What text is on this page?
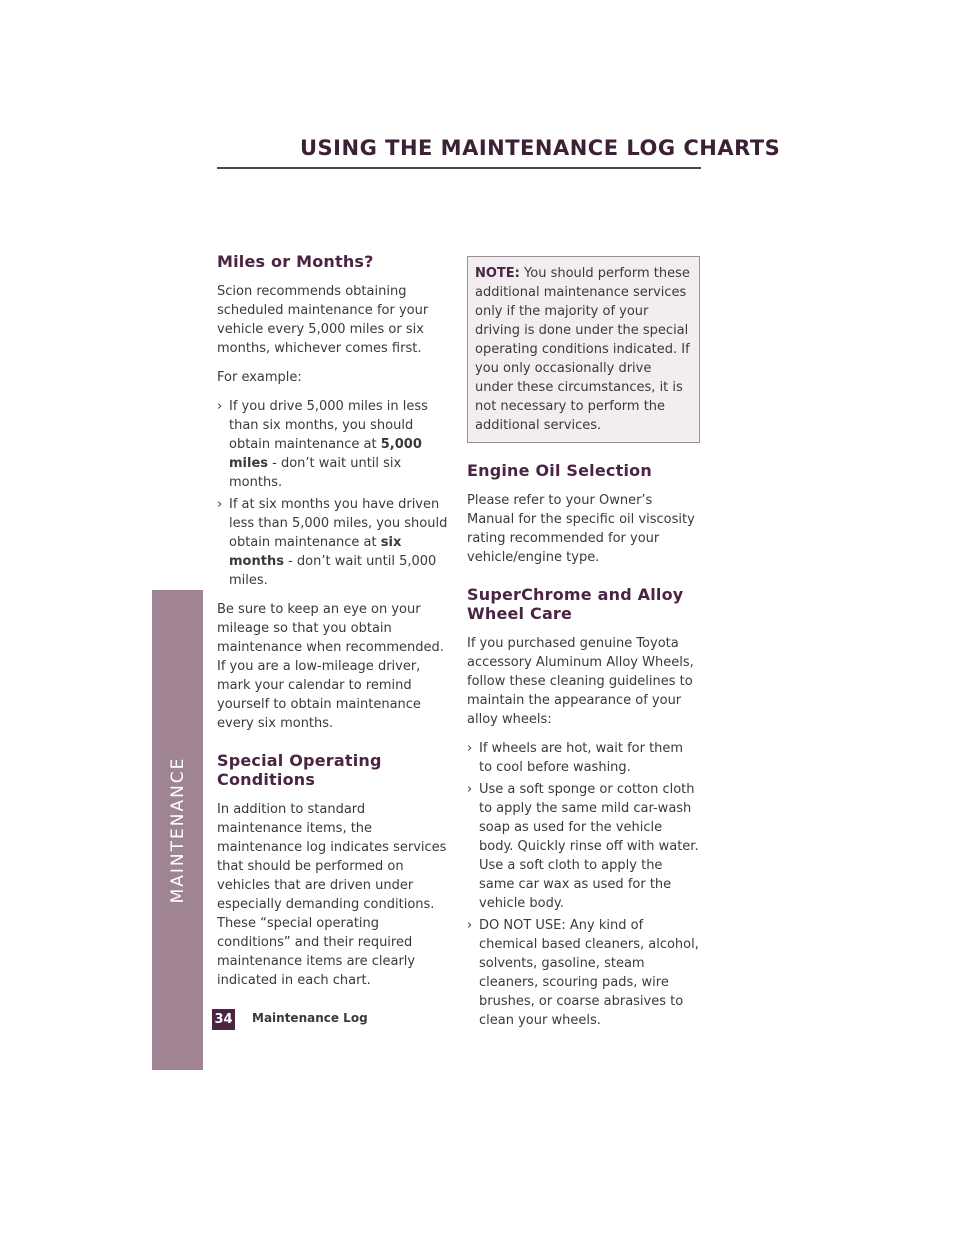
MAINTENANCE
USING THE MAINTENANCE LOG CHARTS
Miles or Months?

Scion recommends obtaining scheduled maintenance for your vehicle every 5,000 miles or six months, whichever comes first.

For example:

› If you drive 5,000 miles in less than six months, you should obtain maintenance at 5,000 miles - don’t wait until six months.
› If at six months you have driven less than 5,000 miles, you should obtain maintenance at six months - don’t wait until 5,000 miles.

Be sure to keep an eye on your mileage so that you obtain maintenance when recommended. If you are a low-mileage driver, mark your calendar to remind yourself to obtain maintenance every six months.

Special Operating Conditions

In addition to standard maintenance items, the maintenance log indicates services that should be performed on vehicles that are driven under especially demanding conditions. These “special operating conditions” and their required maintenance items are clearly indicated in each chart.

NOTE: You should perform these additional maintenance services only if the majority of your driving is done under the special operating conditions indicated. If you only occasionally drive under these circumstances, it is not necessary to perform the additional services.

Engine Oil Selection

Please refer to your Owner’s Manual for the specific oil viscosity rating recommended for your vehicle/engine type.

SuperChrome and Alloy Wheel Care

If you purchased genuine Toyota accessory Aluminum Alloy Wheels, follow these cleaning guidelines to maintain the appearance of your alloy wheels:

› If wheels are hot, wait for them to cool before washing.
› Use a soft sponge or cotton cloth to apply the same mild car-wash soap as used for the vehicle body. Quickly rinse off with water. Use a soft cloth to apply the same car wax as used for the vehicle body.
› DO NOT USE: Any kind of chemical based cleaners, alcohol, solvents, gasoline, steam cleaners, scouring pads, wire brushes, or coarse abrasives to clean your wheels.
34 Maintenance Log
